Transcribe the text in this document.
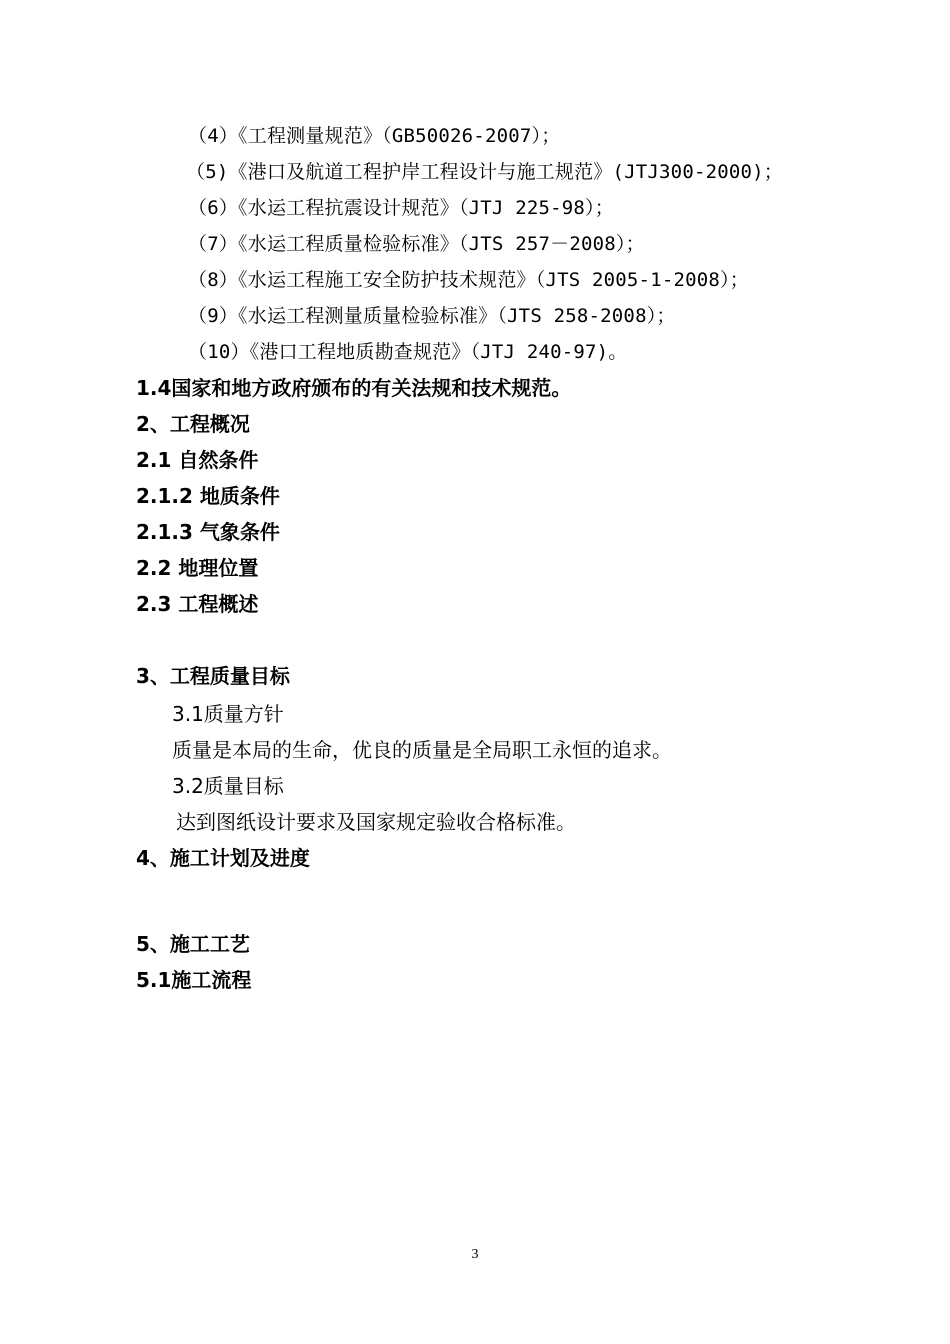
（4）《工程测量规范》（GB50026-2007）；
（5)《港口及航道工程护岸工程设计与施工规范》(JTJ300-2000)；
（6）《水运工程抗震设计规范》（JTJ 225-98）；
（7）《水运工程质量检验标准》（JTS 257－2008）；
（8）《水运工程施工安全防护技术规范》（JTS 2005-1-2008）；
（9）《水运工程测量质量检验标准》（JTS 258-2008）；
（10）《港口工程地质勘查规范》（JTJ 240-97)。
1.4国家和地方政府颁布的有关法规和技术规范。
2、工程概况
2.1 自然条件
2.1.2 地质条件
2.1.3 气象条件
2.2 地理位置
2.3 工程概述
3、工程质量目标
3.1质量方针
质量是本局的生命，优良的质量是全局职工永恒的追求。
3.2质量目标
达到图纸设计要求及国家规定验收合格标准。
4、施工计划及进度
5、施工工艺
5.1施工流程
3
